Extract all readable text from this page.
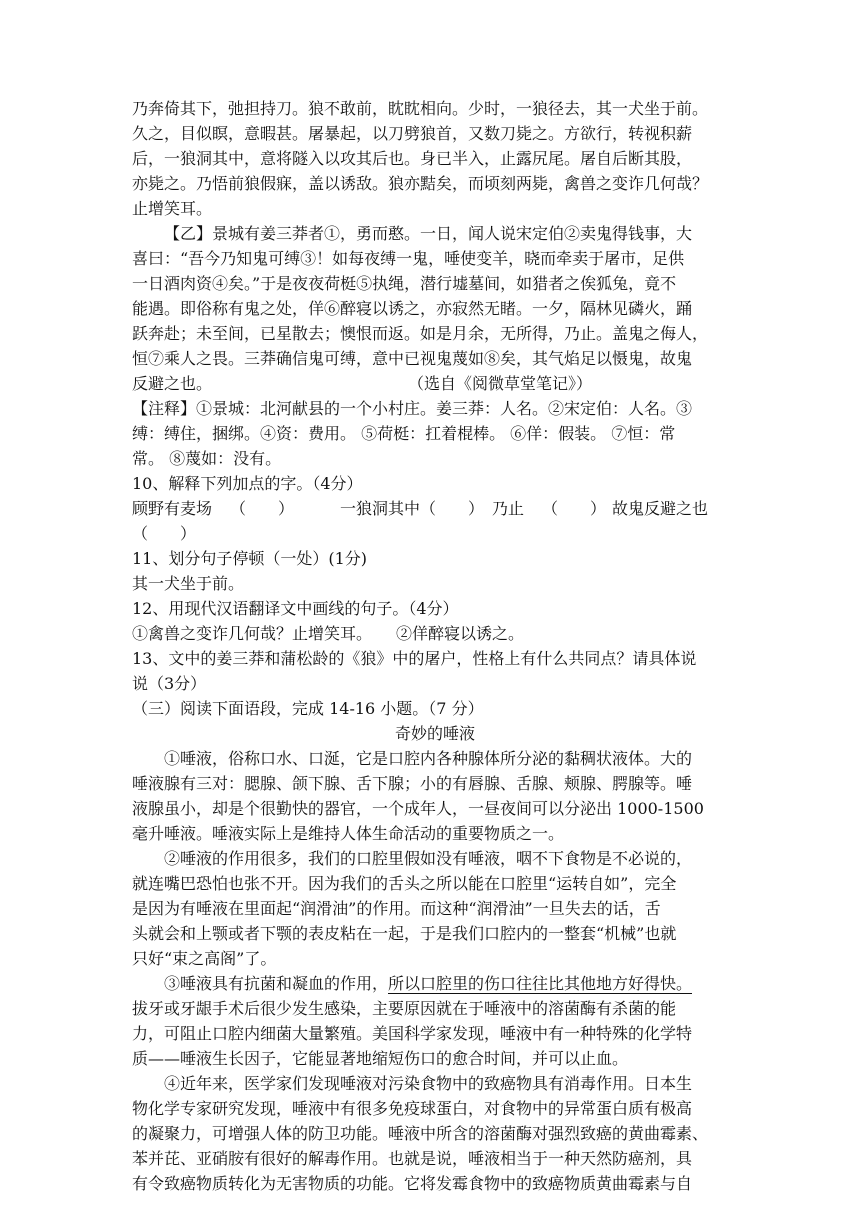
乃奔倚其下，弛担持刀。狼不敢前，眈眈相向。少时，一狼径去，其一犬坐于前。
久之，目似瞑，意暇甚。屠暴起，以刀劈狼首，又数刀毙之。方欲行，转视积薪
后，一狼洞其中，意将隧入以攻其后也。身已半入，止露尻尾。屠自后断其股，
亦毙之。乃悟前狼假寐，盖以诱敌。狼亦黠矣，而顷刻两毙，禽兽之变诈几何哉？
止增笑耳。
【乙】景城有姜三莽者①，勇而憨。一日，闻人说宋定伯②卖鬼得钱事，大
喜曰：“吾今乃知鬼可缚③！如每夜缚一鬼，唾使变羊，晓而牵卖于屠市，足供
一日酒肉资④矣。”于是夜夜荷梃⑤执绳，潜行墟墓间，如猎者之俟狐兔，竟不
能遇。即俗称有鬼之处，佯⑥醉寝以诱之，亦寂然无睹。一夕，隔林见磷火，踊
跃奔赴；未至间，已星散去；懊恨而返。如是月余，无所得，乃止。盖鬼之侮人，
恒⑦乘人之畏。三莽确信鬼可缚，意中已视鬼蔑如⑧矣，其气焰足以慑鬼，故鬼
反避之也。	（选自《阅微草堂笔记》）
【注释】①景城：北河献县的一个小村庄。姜三莽：人名。②宋定伯：人名。③
缚：缚住，捆绑。④资：费用。 ⑤荷梃：扛着棍棒。 ⑥佯：假装。 ⑦恒：常
常。 ⑧蔑如：没有。
10、解释下列加点的字。（4分）
顾野有麦场 （　　）	一狼洞其中（　　） 乃止 （　　） 故鬼反避之也
（　　）
11、划分句子停顿（一处）(1分)
其一犬坐于前。
12、用现代汉语翻译文中画线的句子。（4分）
①禽兽之变诈几何哉？止增笑耳。 ②佯醉寝以诱之。
13、文中的姜三莽和蒲松龄的《狼》中的屠户，性格上有什么共同点？请具体说
说（3分）
（三）阅读下面语段，完成 14-16 小题。（7 分）
奇妙的唾液
①唾液，俗称口水、口涎，它是口腔内各种腺体所分泌的黏稠状液体。大的
唾液腺有三对：腮腺、颌下腺、舌下腺；小的有唇腺、舌腺、颊腺、腭腺等。唾
液腺虽小，却是个很勤快的器官，一个成年人，一昼夜间可以分泌出 1000-1500
毫升唾液。唾液实际上是维持人体生命活动的重要物质之一。
②唾液的作用很多，我们的口腔里假如没有唾液，咽不下食物是不必说的，
就连嘴巴恐怕也张不开。因为我们的舌头之所以能在口腔里“运转自如”，完全
是因为有唾液在里面起“润滑油”的作用。而这种“润滑油”一旦失去的话，舌
头就会和上颚或者下颚的表皮粘在一起，于是我们口腔内的一整套“机械”也就
只好“束之高阁”了。
③唾液具有抗菌和凝血的作用，所以口腔里的伤口往往比其他地方好得快。
拔牙或牙龈手术后很少发生感染，主要原因就在于唾液中的溶菌酶有杀菌的能
力，可阻止口腔内细菌大量繁殖。美国科学家发现，唾液中有一种特殊的化学特
质——唾液生长因子，它能显著地缩短伤口的愈合时间，并可以止血。
④近年来，医学家们发现唾液对污染食物中的致癌物具有消毒作用。日本生
物化学专家研究发现，唾液中有很多免疫球蛋白，对食物中的异常蛋白质有极高
的凝聚力，可增强人体的防卫功能。唾液中所含的溶菌酶对强烈致癌的黄曲霉素、
苯并芘、亚硝胺有很好的解毒作用。也就是说，唾液相当于一种天然防癌剂，具
有令致癌物质转化为无害物质的功能。它将发霉食物中的致癌物质黄曲霉素与自
